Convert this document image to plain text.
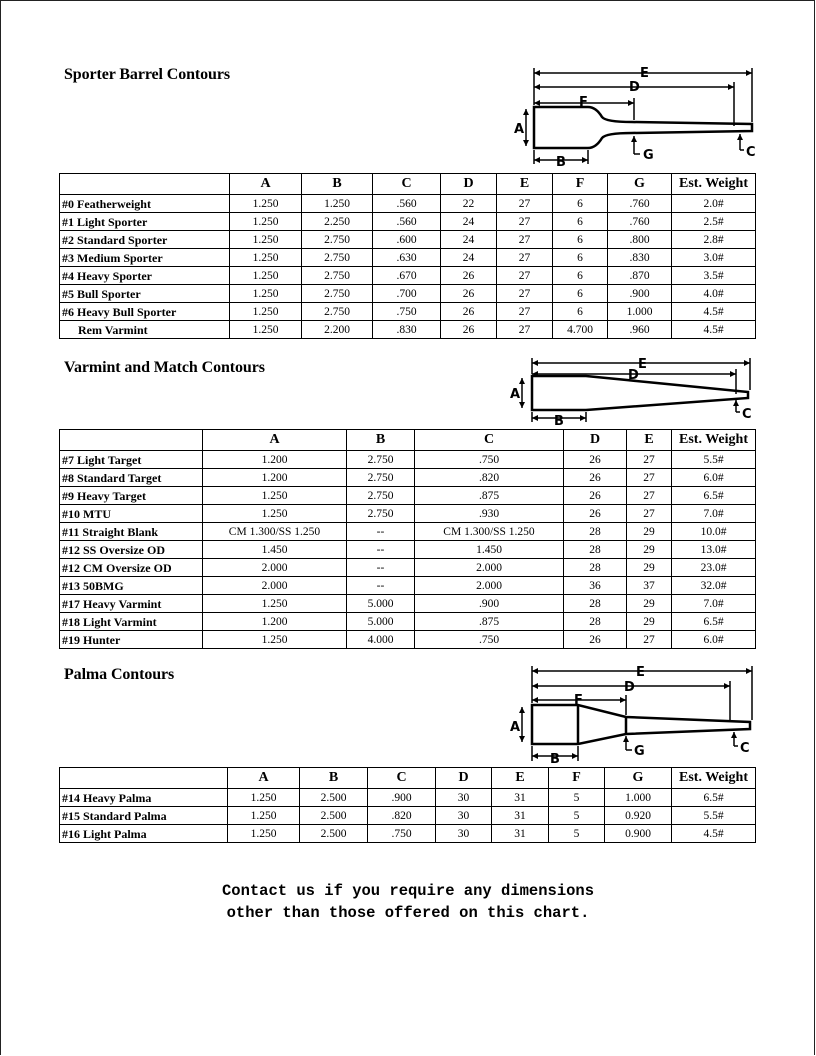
Sporter Barrel Contours	E
D
F
A
B	G	C
	A	B	C	D	E	F	G	Est. Weight
#0 Featherweight	1.250	1.250	.560	22	27	6	.760	2.0#
#1 Light Sporter	1.250	2.250	.560	24	27	6	.760	2.5#
#2 Standard Sporter	1.250	2.750	.600	24	27	6	.800	2.8#
#3 Medium Sporter	1.250	2.750	.630	24	27	6	.830	3.0#
#4 Heavy Sporter	1.250	2.750	.670	26	27	6	.870	3.5#
#5 Bull Sporter	1.250	2.750	.700	26	27	6	.900	4.0#
#6 Heavy Bull Sporter	1.250	2.750	.750	26	27	6	1.000	4.5#
Rem Varmint	1.250	2.200	.830	26	27	4.700	.960	4.5#
Varmint and Match Contours	E
D
A
B	C
	A	B	C	D	E	Est. Weight
#7 Light Target	1.200	2.750	.750	26	27	5.5#
#8 Standard Target	1.200	2.750	.820	26	27	6.0#
#9 Heavy Target	1.250	2.750	.875	26	27	6.5#
#10 MTU	1.250	2.750	.930	26	27	7.0#
#11 Straight Blank	CM 1.300/SS 1.250	--	CM 1.300/SS 1.250	28	29	10.0#
#12 SS Oversize OD	1.450	--	1.450	28	29	13.0#
#12 CM Oversize OD	2.000	--	2.000	28	29	23.0#
#13 50BMG	2.000	--	2.000	36	37	32.0#
#17 Heavy Varmint	1.250	5.000	.900	28	29	7.0#
#18 Light Varmint	1.200	5.000	.875	28	29	6.5#
#19 Hunter	1.250	4.000	.750	26	27	6.0#
Palma Contours	E
D
F
A
B
G	C
	A	B	C	D	E	F	G	Est. Weight
#14 Heavy Palma	1.250	2.500	.900	30	31	5	1.000	6.5#
#15 Standard Palma	1.250	2.500	.820	30	31	5	0.920	5.5#
#16 Light Palma	1.250	2.500	.750	30	31	5	0.900	4.5#
Contact us if you require any dimensions
other than those offered on this chart.
